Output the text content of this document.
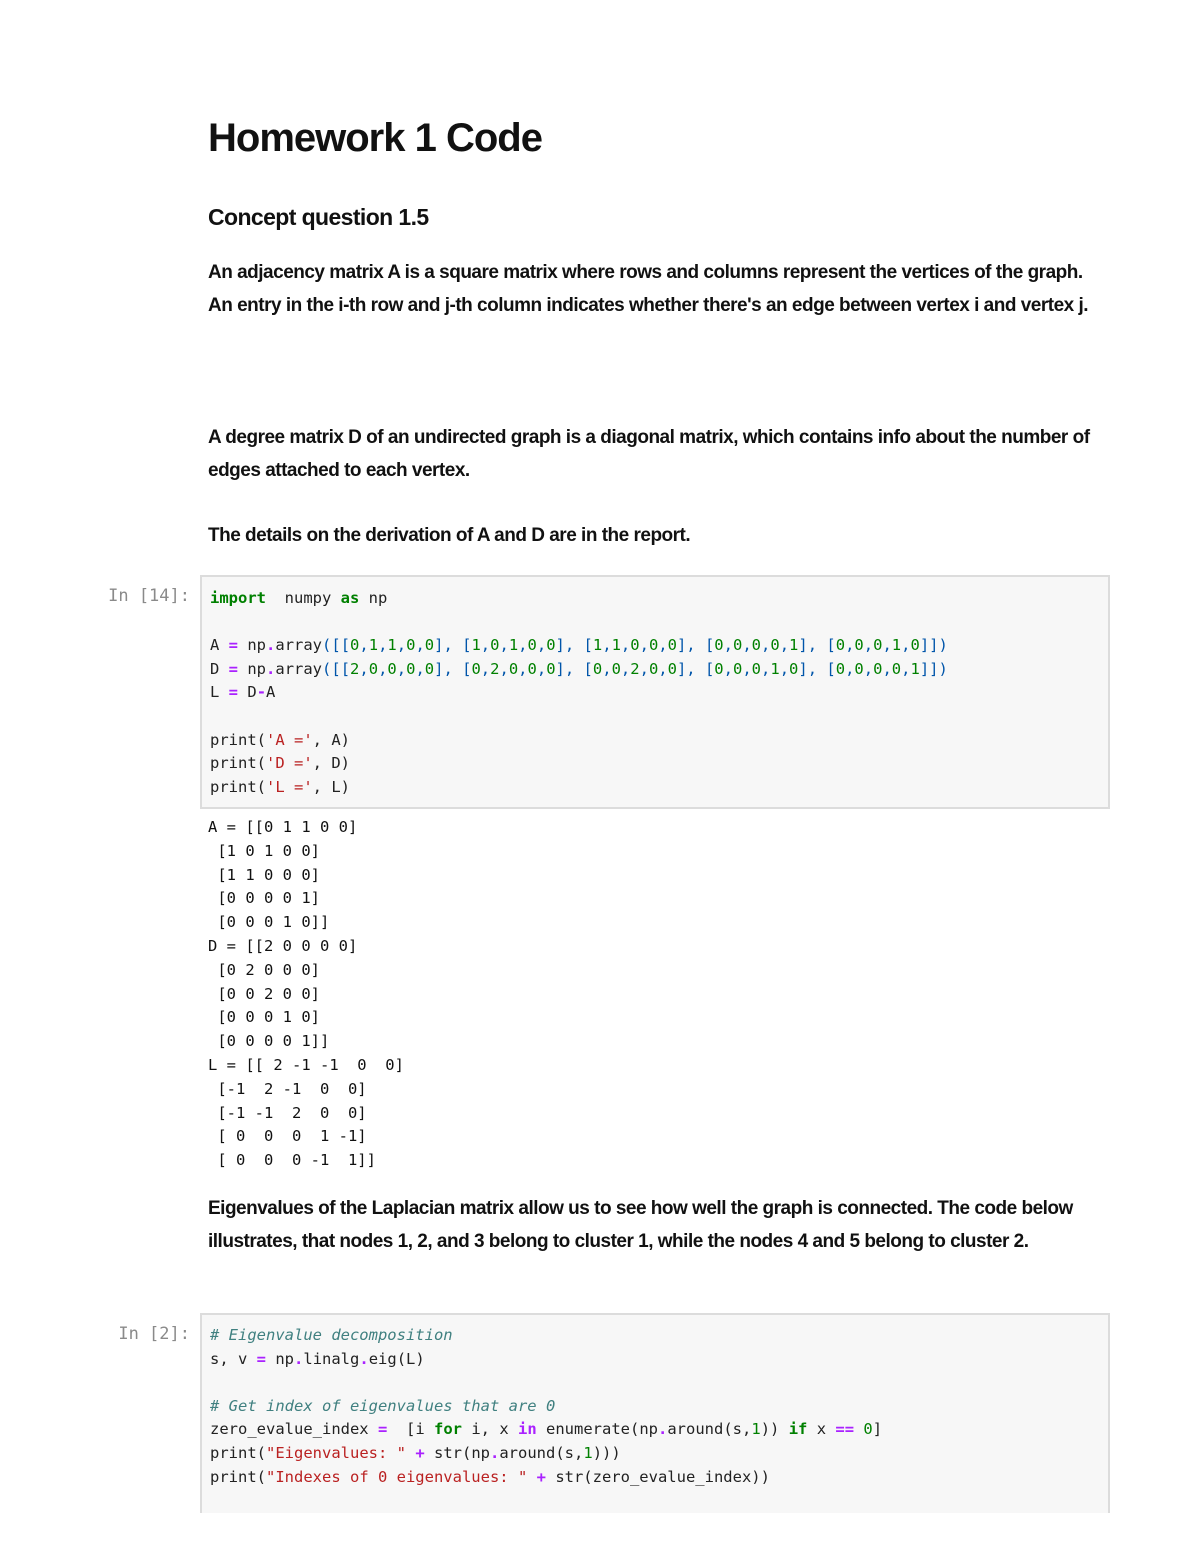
Homework 1 Code
Concept question 1.5
An adjacency matrix A is a square matrix where rows and columns represent the vertices of the graph.
An entry in the i-th row and j-th column indicates whether there's an edge between vertex i and vertex j.

A degree matrix D of an undirected graph is a diagonal matrix, which contains info about the number of edges attached to each vertex.

The details on the derivation of A and D are in the report.

In [14]: import  numpy as np

A = np.array([[0,1,1,0,0], [1,0,1,0,0], [1,1,0,0,0], [0,0,0,0,1], [0,0,0,1,0]])
D = np.array([[2,0,0,0,0], [0,2,0,0,0], [0,0,2,0,0], [0,0,0,1,0], [0,0,0,0,1]])
L = D-A

print('A =', A)
print('D =', D)
print('L =', L)
A = [[0 1 1 0 0]
[1 0 1 0 0]
[1 1 0 0 0]
[0 0 0 0 1]
[0 0 0 1 0]]
D = [[2 0 0 0 0]
[0 2 0 0 0]
[0 0 2 0 0]
[0 0 0 1 0]
[0 0 0 0 1]]
L = [[ 2 -1 -1  0  0]
[-1  2 -1  0  0]
[-1 -1  2  0  0]
[ 0  0  0  1 -1]
[ 0  0  0 -1  1]]

Eigenvalues of the Laplacian matrix allow us to see how well the graph is connected. The code below illustrates, that nodes 1, 2, and 3 belong to cluster 1, while the nodes 4 and 5 belong to cluster 2.

In [2]: # Eigenvalue decomposition
s, v = np.linalg.eig(L)

# Get index of eigenvalues that are 0
zero_evalue_index =  [i for i, x in enumerate(np.around(s,1)) if x == 0]
print("Eigenvalues: " + str(np.around(s,1)))
print("Indexes of 0 eigenvalues: " + str(zero_evalue_index))
